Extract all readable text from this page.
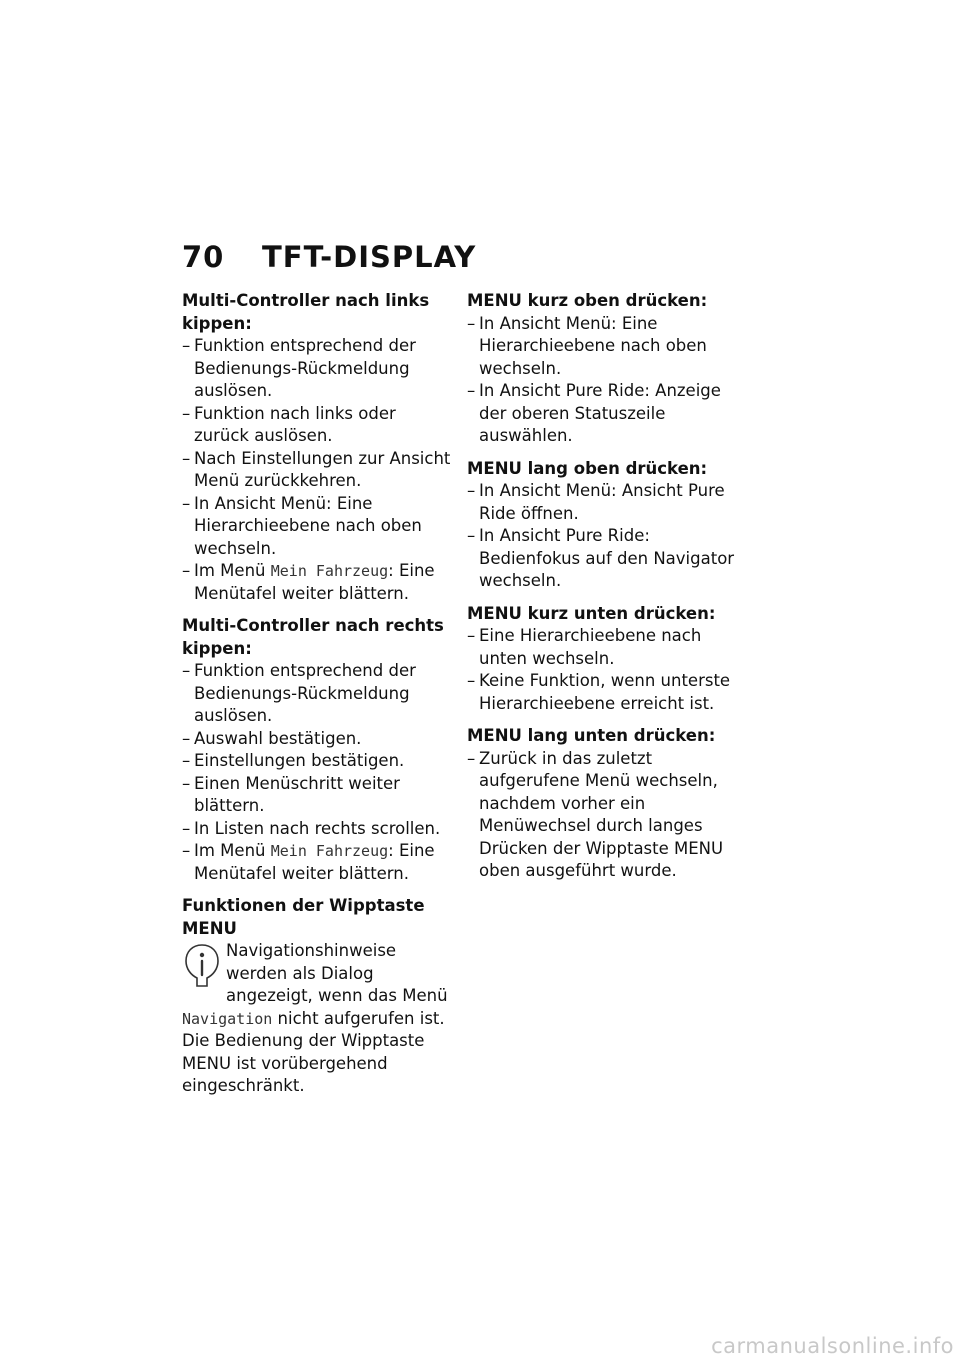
70 TFT-DISPLAY

Multi-Controller nach links kippen:

– Funktion entsprechend der Bedienungs-Rückmeldung auslösen.
– Funktion nach links oder zurück auslösen.
– Nach Einstellungen zur Ansicht Menü zurückkehren.
– In Ansicht Menü: Eine Hierarchieebene nach oben wechseln.
– Im Menü Mein Fahrzeug: Eine Menütafel weiter blättern.

Multi-Controller nach rechts kippen:

– Funktion entsprechend der Bedienungs-Rückmeldung auslösen.
– Auswahl bestätigen.
– Einstellungen bestätigen.
– Einen Menüschritt weiter blättern.
– In Listen nach rechts scrollen.
– Im Menü Mein Fahrzeug: Eine Menütafel weiter blättern.

Funktionen der Wipptaste MENU

Navigationshinweise werden als Dialog angezeigt, wenn das Menü Navigation nicht aufgerufen ist. Die Bedienung der Wipptaste MENU ist vorübergehend eingeschränkt.

MENU kurz oben drücken:

– In Ansicht Menü: Eine Hierarchieebene nach oben wechseln.
– In Ansicht Pure Ride: Anzeige der oberen Statuszeile auswählen.

MENU lang oben drücken:

– In Ansicht Menü: Ansicht Pure Ride öffnen.
– In Ansicht Pure Ride: Bedienfokus auf den Navigator wechseln.

MENU kurz unten drücken:

– Eine Hierarchieebene nach unten wechseln.
– Keine Funktion, wenn unterste Hierarchieebene erreicht ist.

MENU lang unten drücken:

– Zurück in das zuletzt aufgerufene Menü wechseln, nachdem vorher ein Menüwechsel durch langes Drücken der Wipptaste MENU oben ausgeführt wurde.
carmanualsonline.info
